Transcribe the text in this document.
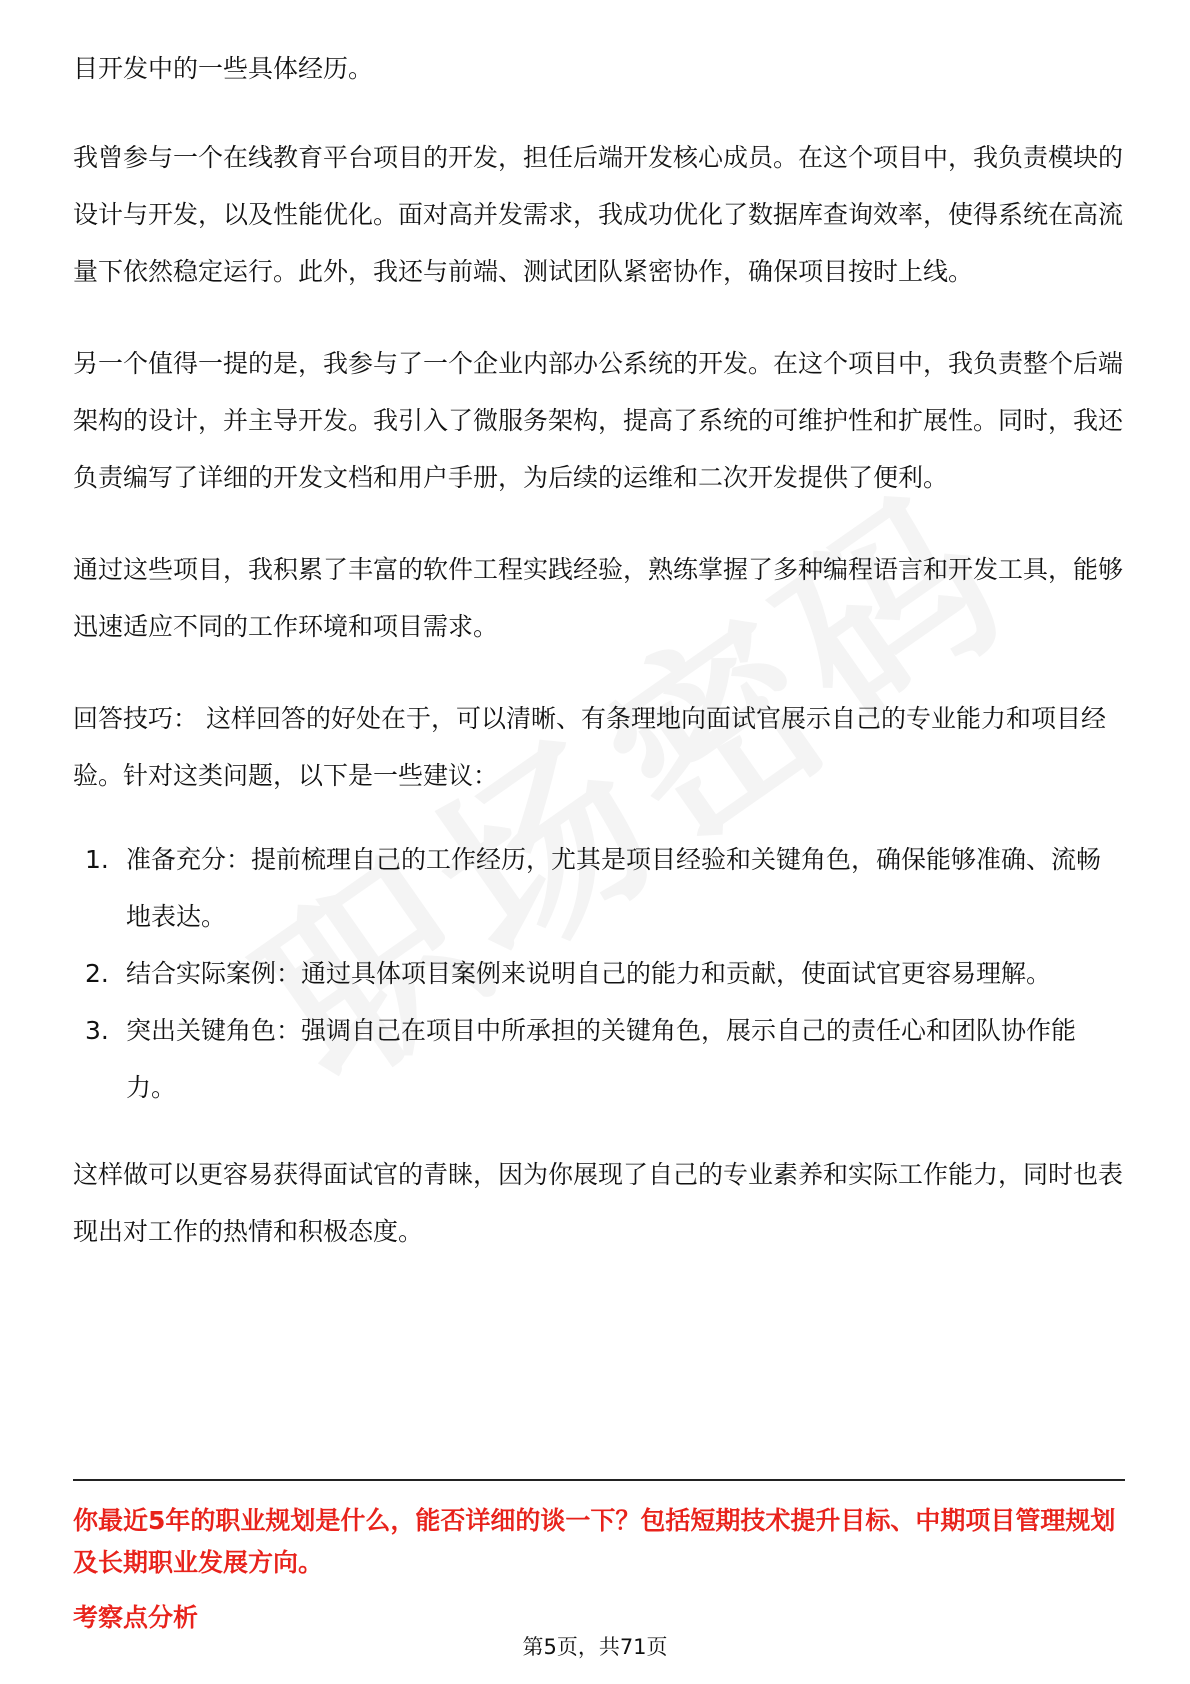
目开发中的一些具体经历。

我曾参与一个在线教育平台项目的开发，担任后端开发核心成员。在这个项目中，我负责模块的设计与开发，以及性能优化。面对高并发需求，我成功优化了数据库查询效率，使得系统在高流量下依然稳定运行。此外，我还与前端、测试团队紧密协作，确保项目按时上线。

另一个值得一提的是，我参与了一个企业内部办公系统的开发。在这个项目中，我负责整个后端架构的设计，并主导开发。我引入了微服务架构，提高了系统的可维护性和扩展性。同时，我还负责编写了详细的开发文档和用户手册，为后续的运维和二次开发提供了便利。

通过这些项目，我积累了丰富的软件工程实践经验，熟练掌握了多种编程语言和开发工具，能够迅速适应不同的工作环境和项目需求。

回答技巧： 这样回答的好处在于，可以清晰、有条理地向面试官展示自己的专业能力和项目经验。针对这类问题，以下是一些建议：

1. 准备充分：提前梳理自己的工作经历，尤其是项目经验和关键角色，确保能够准确、流畅地表达。
2. 结合实际案例：通过具体项目案例来说明自己的能力和贡献，使面试官更容易理解。
3. 突出关键角色：强调自己在项目中所承担的关键角色，展示自己的责任心和团队协作能力。

这样做可以更容易获得面试官的青睐，因为你展现了自己的专业素养和实际工作能力，同时也表现出对工作的热情和积极态度。

你最近5年的职业规划是什么，能否详细的谈一下？包括短期技术提升目标、中期项目管理规划及长期职业发展方向。
考察点分析
第5页，共71页
